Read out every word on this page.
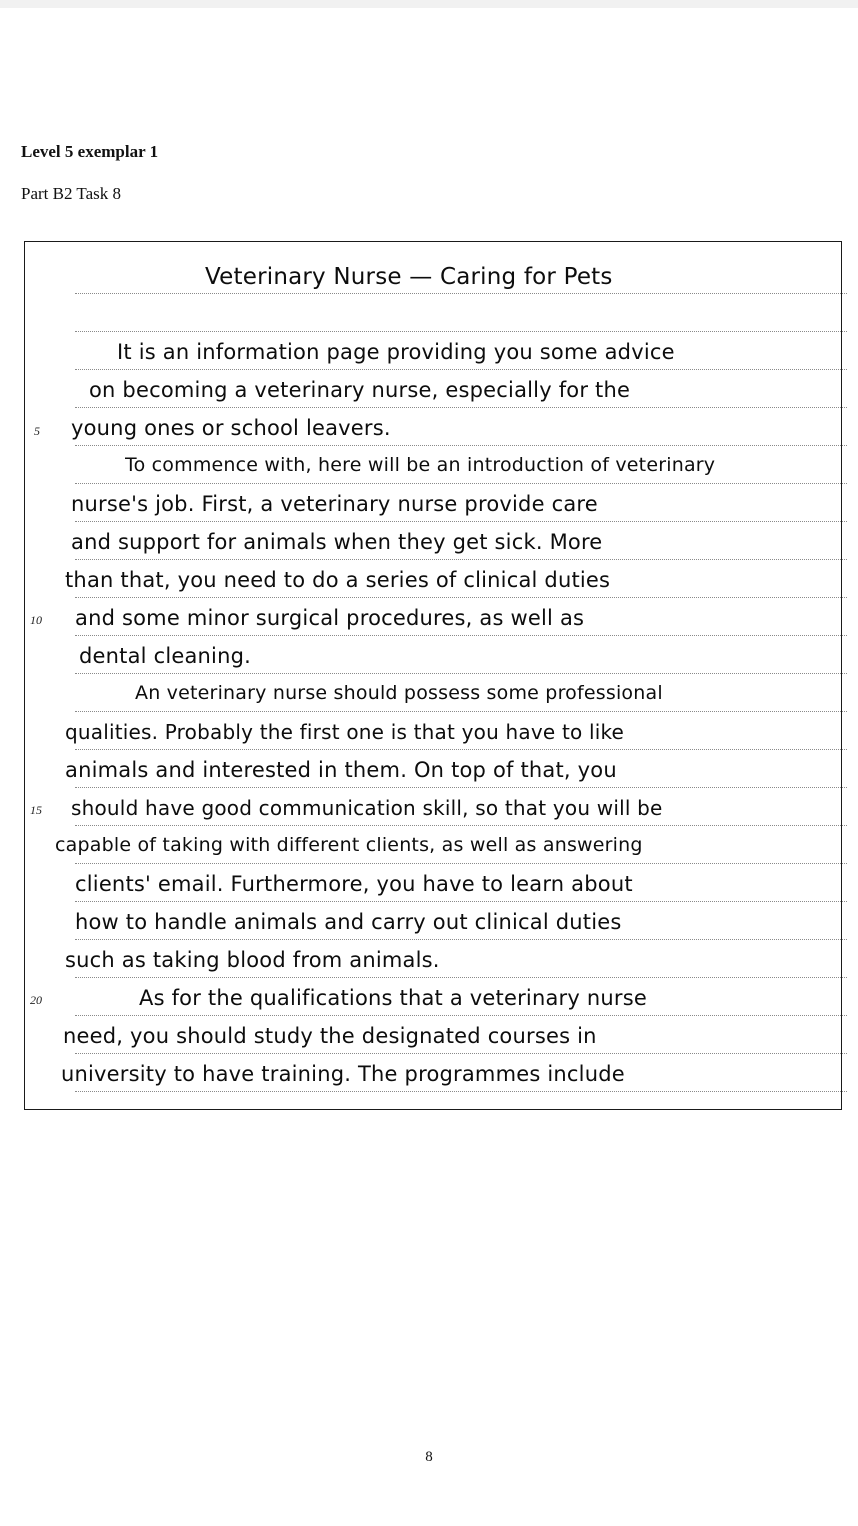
Level 5 exemplar 1

Part B2 Task 8

5
10
15
20
Veterinary Nurse — Caring for Pets
It is an information page providing you some advice
on becoming a veterinary nurse, especially for the
young ones or school leavers.
To commence with, here will be an introduction of veterinary
nurse's job. First, a veterinary nurse provide care
and support for animals when they get sick. More
than that, you need to do a series of clinical duties
and some minor surgical procedures, as well as
dental cleaning.
An veterinary nurse should possess some professional
qualities. Probably the first one is that you have to like
animals and interested in them. On top of that, you
should have good communication skill, so that you will be
capable of taking with different clients, as well as answering
clients' email. Furthermore, you have to learn about
how to handle animals and carry out clinical duties
such as taking blood from animals.
As for the qualifications that a veterinary nurse
need, you should study the designated courses in
university to have training. The programmes include
8
